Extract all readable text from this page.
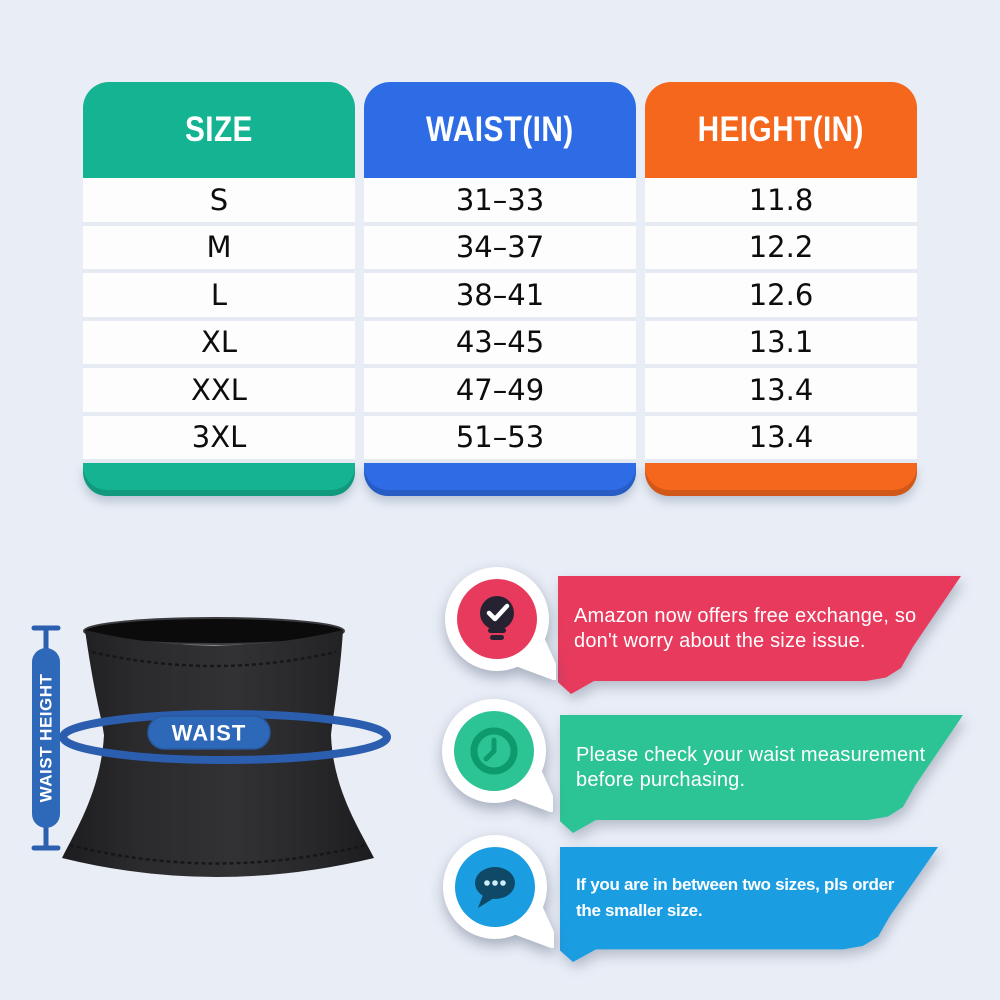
SIZE
S
M
L
XL
XXL
3XL
WAIST(IN)
31–33
34–37
38–41
43–45
47–49
51–53
HEIGHT(IN)
11.8
12.2
12.6
13.1
13.4
13.4
WAIST
WAIST HEIGHT
Amazon now offers free exchange, so
don't worry about the size issue.
Please check your waist measurement
before purchasing.
If you are in between two sizes, pls order
the smaller size.
